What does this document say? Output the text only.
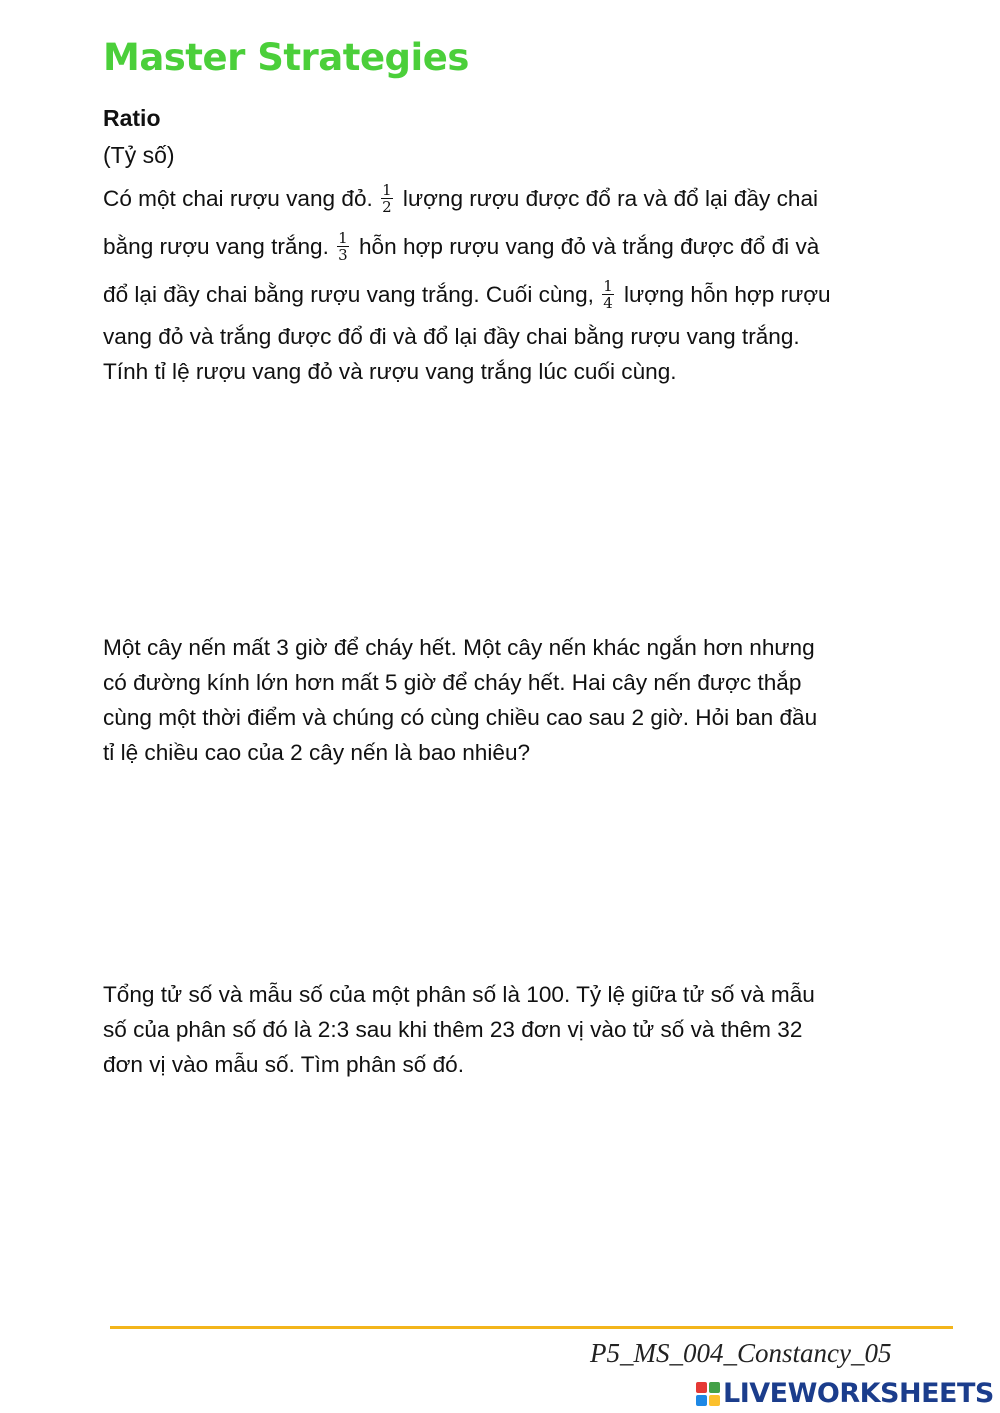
Master Strategies
Ratio
(Tỷ số)
Có một chai rượu vang đỏ. $\frac{1}{2}$ lượng rượu được đổ ra và đổ lại đầy chai
bằng rượu vang trắng. $\frac{1}{3}$ hỗn hợp rượu vang đỏ và trắng được đổ đi và
đổ lại đầy chai bằng rượu vang trắng. Cuối cùng, $\frac{1}{4}$ lượng hỗn hợp rượu
vang đỏ và trắng được đổ đi và đổ lại đầy chai bằng rượu vang trắng.
Tính tỉ lệ rượu vang đỏ và rượu vang trắng lúc cuối cùng.
Một cây nến mất 3 giờ để cháy hết. Một cây nến khác ngắn hơn nhưng
có đường kính lớn hơn mất 5 giờ để cháy hết. Hai cây nến được thắp
cùng một thời điểm và chúng có cùng chiều cao sau 2 giờ. Hỏi ban đầu
tỉ lệ chiều cao của 2 cây nến là bao nhiêu?
Tổng tử số và mẫu số của một phân số là 100. Tỷ lệ giữa tử số và mẫu
số của phân số đó là 2:3 sau khi thêm 23 đơn vị vào tử số và thêm 32
đơn vị vào mẫu số. Tìm phân số đó.
P5_MS_004_Constancy_05
LIVEWORKSHEETS
